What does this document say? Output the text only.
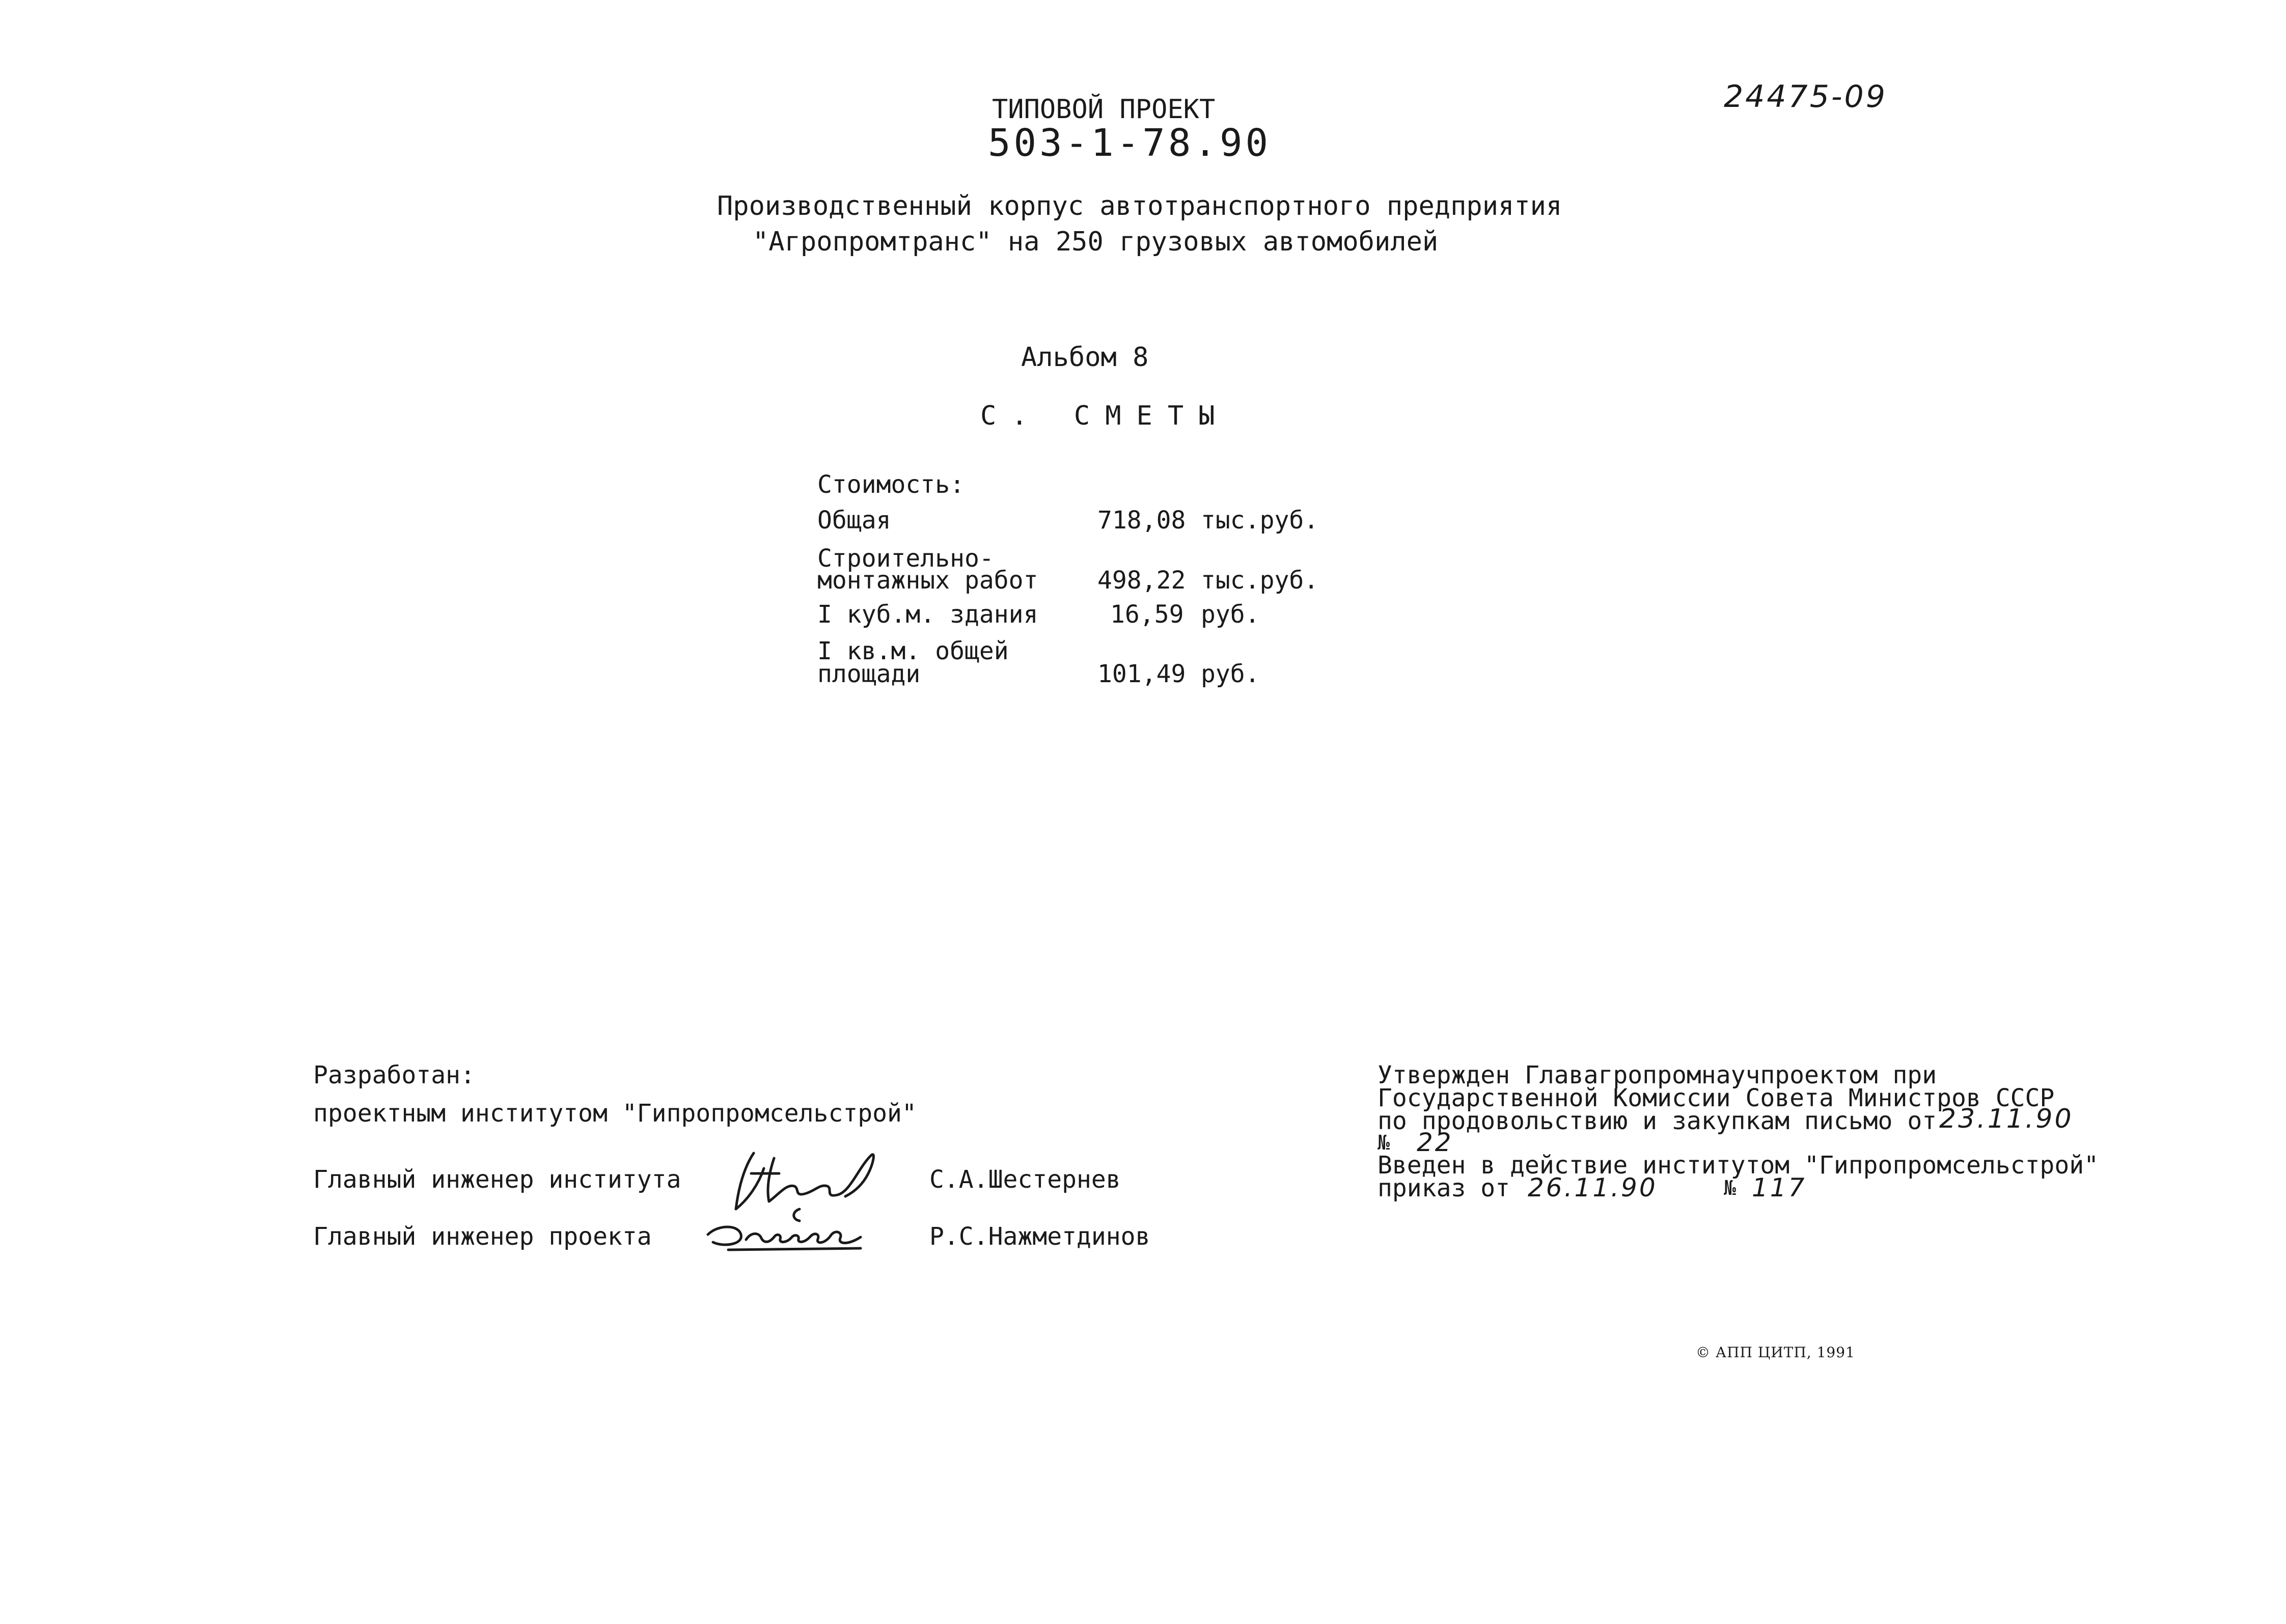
24475-09
ТИПОВОЙ ПРОЕКТ
503-1-78.90
Производственный корпус автотранспортного предприятия
"Агропромтранс" на 250 грузовых автомобилей
Альбом 8
С. СМЕТЫ
Стоимость:
Общая	718,08 тыс.руб.
Строительно-
монтажных работ 498,22 тыс.руб.
I куб.м. здания	16,59 руб.
I кв.м. общей
площади	101,49 руб.
Разработан:
проектным институтом "Гипропромсельстрой"
Главный инженер института	С.А.Шестернев
Главный инженер проекта	Р.С.Нажметдинов
Утвержден Главагропромнаучпроектом при
Государственной Комиссии Совета Министров СССР
по продовольствию и закупкам письмо от 23.11.90
№ 22
Введен в действие институтом "Гипропромсельстрой"
приказ от 26.11.90	№ 117
© АПП ЦИТП, 1991
